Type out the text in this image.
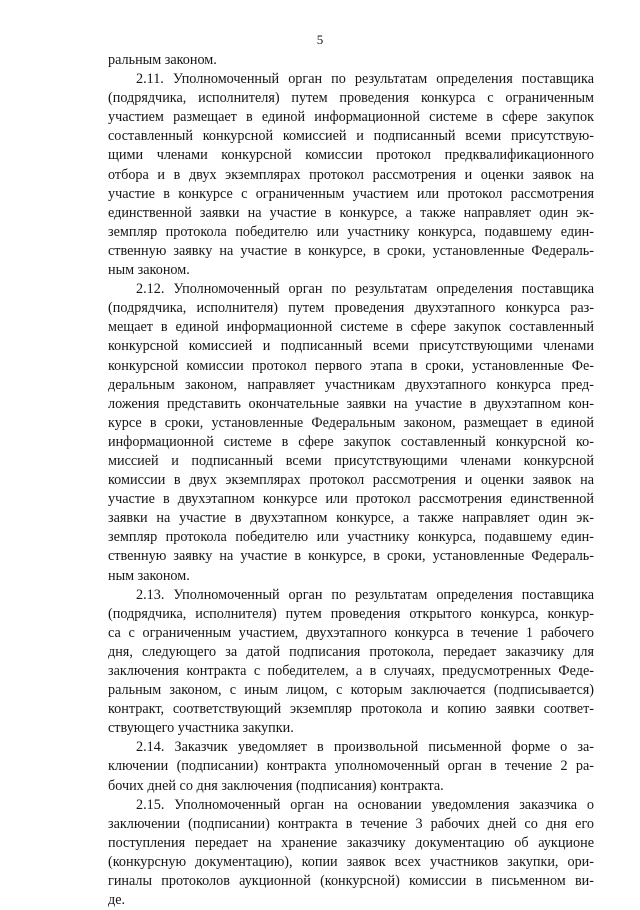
5
ральным законом.
2.11. Уполномоченный орган по результатам определения поставщика
(подрядчика, исполнителя) путем проведения конкурса с ограниченным
участием размещает в единой информационной системе в сфере закупок
составленный конкурсной комиссией и подписанный всеми присутствую-
щими членами конкурсной комиссии протокол предквалификационного
отбора и в двух экземплярах протокол рассмотрения и оценки заявок на
участие в конкурсе с ограниченным участием или протокол рассмотрения
единственной заявки на участие в конкурсе, а также направляет один эк-
земпляр протокола победителю или участнику конкурса, подавшему един-
ственную заявку на участие в конкурсе, в сроки, установленные Федераль-
ным законом.
2.12. Уполномоченный орган по результатам определения поставщика
(подрядчика, исполнителя) путем проведения двухэтапного конкурса раз-
мещает в единой информационной системе в сфере закупок составленный
конкурсной комиссией и подписанный всеми присутствующими членами
конкурсной комиссии протокол первого этапа в сроки, установленные Фе-
деральным законом, направляет участникам двухэтапного конкурса пред-
ложения представить окончательные заявки на участие в двухэтапном кон-
курсе в сроки, установленные Федеральным законом, размещает в единой
информационной системе в сфере закупок составленный конкурсной ко-
миссией и подписанный всеми присутствующими членами конкурсной
комиссии в двух экземплярах протокол рассмотрения и оценки заявок на
участие в двухэтапном конкурсе или протокол рассмотрения единственной
заявки на участие в двухэтапном конкурсе, а также направляет один эк-
земпляр протокола победителю или участнику конкурса, подавшему един-
ственную заявку на участие в конкурсе, в сроки, установленные Федераль-
ным законом.
2.13. Уполномоченный орган по результатам определения поставщика
(подрядчика, исполнителя) путем проведения открытого конкурса, конкур-
са с ограниченным участием, двухэтапного конкурса в течение 1 рабочего
дня, следующего за датой подписания протокола, передает заказчику для
заключения контракта с победителем, а в случаях, предусмотренных Феде-
ральным законом, с иным лицом, с которым заключается (подписывается)
контракт, соответствующий экземпляр протокола и копию заявки соответ-
ствующего участника закупки.
2.14. Заказчик уведомляет в произвольной письменной форме о за-
ключении (подписании) контракта уполномоченный орган в течение 2 ра-
бочих дней со дня заключения (подписания) контракта.
2.15. Уполномоченный орган на основании уведомления заказчика о
заключении (подписании) контракта в течение 3 рабочих дней со дня его
поступления передает на хранение заказчику документацию об аукционе
(конкурсную документацию), копии заявок всех участников закупки, ори-
гиналы протоколов аукционной (конкурсной) комиссии в письменном ви-
де.
